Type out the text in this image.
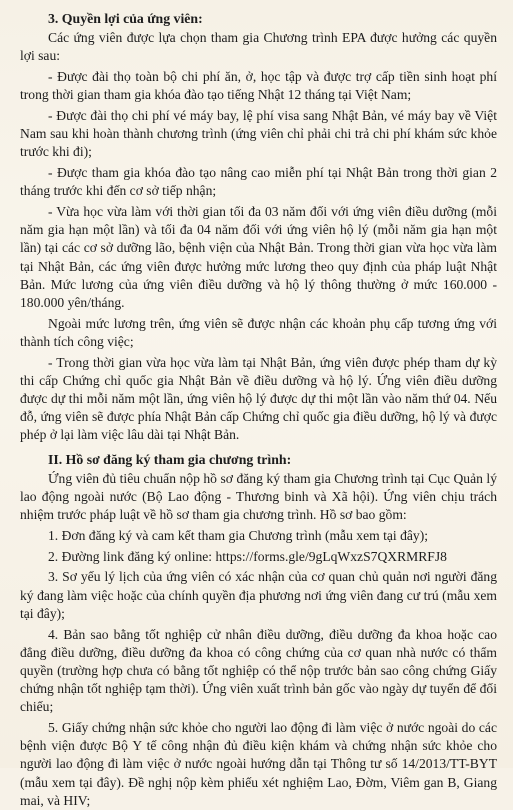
3. Quyền lợi của ứng viên:

Các ứng viên được lựa chọn tham gia Chương trình EPA được hưởng các quyền lợi sau:

- Được đài thọ toàn bộ chi phí ăn, ở, học tập và được trợ cấp tiền sinh hoạt phí trong thời gian tham gia khóa đào tạo tiếng Nhật 12 tháng tại Việt Nam;

- Được đài thọ chi phí vé máy bay, lệ phí visa sang Nhật Bản, vé máy bay về Việt Nam sau khi hoàn thành chương trình (ứng viên chỉ phải chi trả chi phí khám sức khỏe trước khi đi);

- Được tham gia khóa đào tạo nâng cao miễn phí tại Nhật Bản trong thời gian 2 tháng trước khi đến cơ sở tiếp nhận;

- Vừa học vừa làm với thời gian tối đa 03 năm đối với ứng viên điều dưỡng (mỗi năm gia hạn một lần) và tối đa 04 năm đối với ứng viên hộ lý (mỗi năm gia hạn một lần) tại các cơ sở dưỡng lão, bệnh viện của Nhật Bản. Trong thời gian vừa học vừa làm tại Nhật Bản, các ứng viên được hưởng mức lương theo quy định của pháp luật Nhật Bản. Mức lương của ứng viên điều dưỡng và hộ lý thông thường ở mức 160.000 - 180.000 yên/tháng.

Ngoài mức lương trên, ứng viên sẽ được nhận các khoản phụ cấp tương ứng với thành tích công việc;

- Trong thời gian vừa học vừa làm tại Nhật Bản, ứng viên được phép tham dự kỳ thi cấp Chứng chỉ quốc gia Nhật Bản về điều dưỡng và hộ lý. Ứng viên điều dưỡng được dự thi mỗi năm một lần, ứng viên hộ lý được dự thi một lần vào năm thứ 04. Nếu đỗ, ứng viên sẽ được phía Nhật Bản cấp Chứng chỉ quốc gia điều dưỡng, hộ lý và được phép ở lại làm việc lâu dài tại Nhật Bản.

II. Hồ sơ đăng ký tham gia chương trình:

Ứng viên đủ tiêu chuẩn nộp hồ sơ đăng ký tham gia Chương trình tại Cục Quản lý lao động ngoài nước (Bộ Lao động - Thương binh và Xã hội). Ứng viên chịu trách nhiệm trước pháp luật về hồ sơ tham gia chương trình. Hồ sơ bao gồm:

1. Đơn đăng ký và cam kết tham gia Chương trình (mẫu xem tại đây);

2. Đường link đăng ký online: https://forms.gle/9gLqWxzS7QXRMRFJ8

3. Sơ yếu lý lịch của ứng viên có xác nhận của cơ quan chủ quản nơi người đăng ký đang làm việc hoặc của chính quyền địa phương nơi ứng viên đang cư trú (mẫu xem tại đây);

4. Bản sao bằng tốt nghiệp cử nhân điều dưỡng, điều dưỡng đa khoa hoặc cao đẳng điều dưỡng, điều dưỡng đa khoa có công chứng của cơ quan nhà nước có thẩm quyền (trường hợp chưa có bằng tốt nghiệp có thể nộp trước bản sao công chứng Giấy chứng nhận tốt nghiệp tạm thời). Ứng viên xuất trình bản gốc vào ngày dự tuyển để đối chiếu;

5. Giấy chứng nhận sức khỏe cho người lao động đi làm việc ở nước ngoài do các bệnh viện được Bộ Y tế công nhận đủ điều kiện khám và chứng nhận sức khỏe cho người lao động đi làm việc ở nước ngoài hướng dẫn tại Thông tư số 14/2013/TT-BYT (mẫu xem tại đây). Đề nghị nộp kèm phiếu xét nghiệm Lao, Đờm, Viêm gan B, Giang mai, và HIV;
